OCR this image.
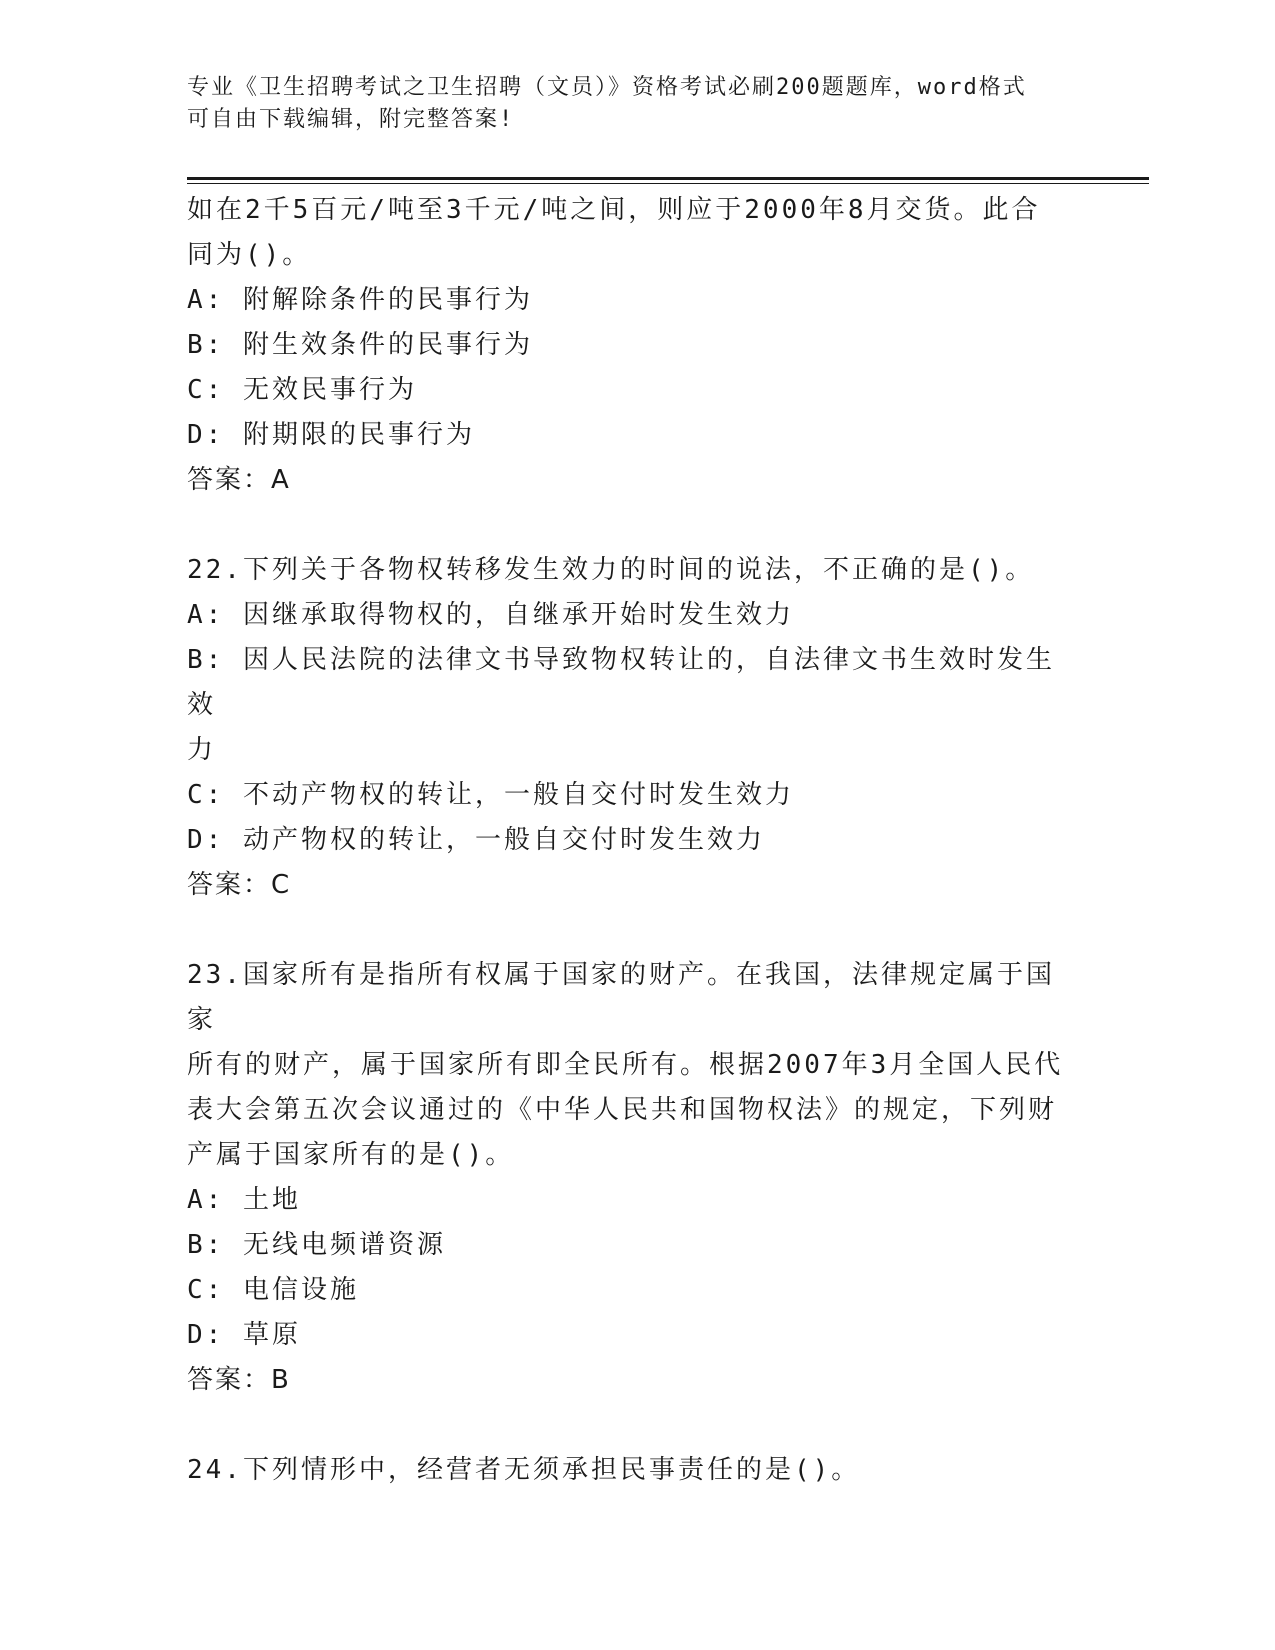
专业《卫生招聘考试之卫生招聘（文员）》资格考试必刷200题题库，word格式
可自由下载编辑，附完整答案!
如在2千5百元/吨至3千元/吨之间，则应于2000年8月交货。此合
同为()。
A: 附解除条件的民事行为
B: 附生效条件的民事行为
C: 无效民事行为
D: 附期限的民事行为
答案：A
22.下列关于各物权转移发生效力的时间的说法，不正确的是()。
A: 因继承取得物权的，自继承开始时发生效力
B: 因人民法院的法律文书导致物权转让的，自法律文书生效时发生效
力
C: 不动产物权的转让，一般自交付时发生效力
D: 动产物权的转让，一般自交付时发生效力
答案：C
23.国家所有是指所有权属于国家的财产。在我国，法律规定属于国家
所有的财产，属于国家所有即全民所有。根据2007年3月全国人民代
表大会第五次会议通过的《中华人民共和国物权法》的规定，下列财
产属于国家所有的是()。
A: 土地
B: 无线电频谱资源
C: 电信设施
D: 草原
答案：B
24.下列情形中，经营者无须承担民事责任的是()。
